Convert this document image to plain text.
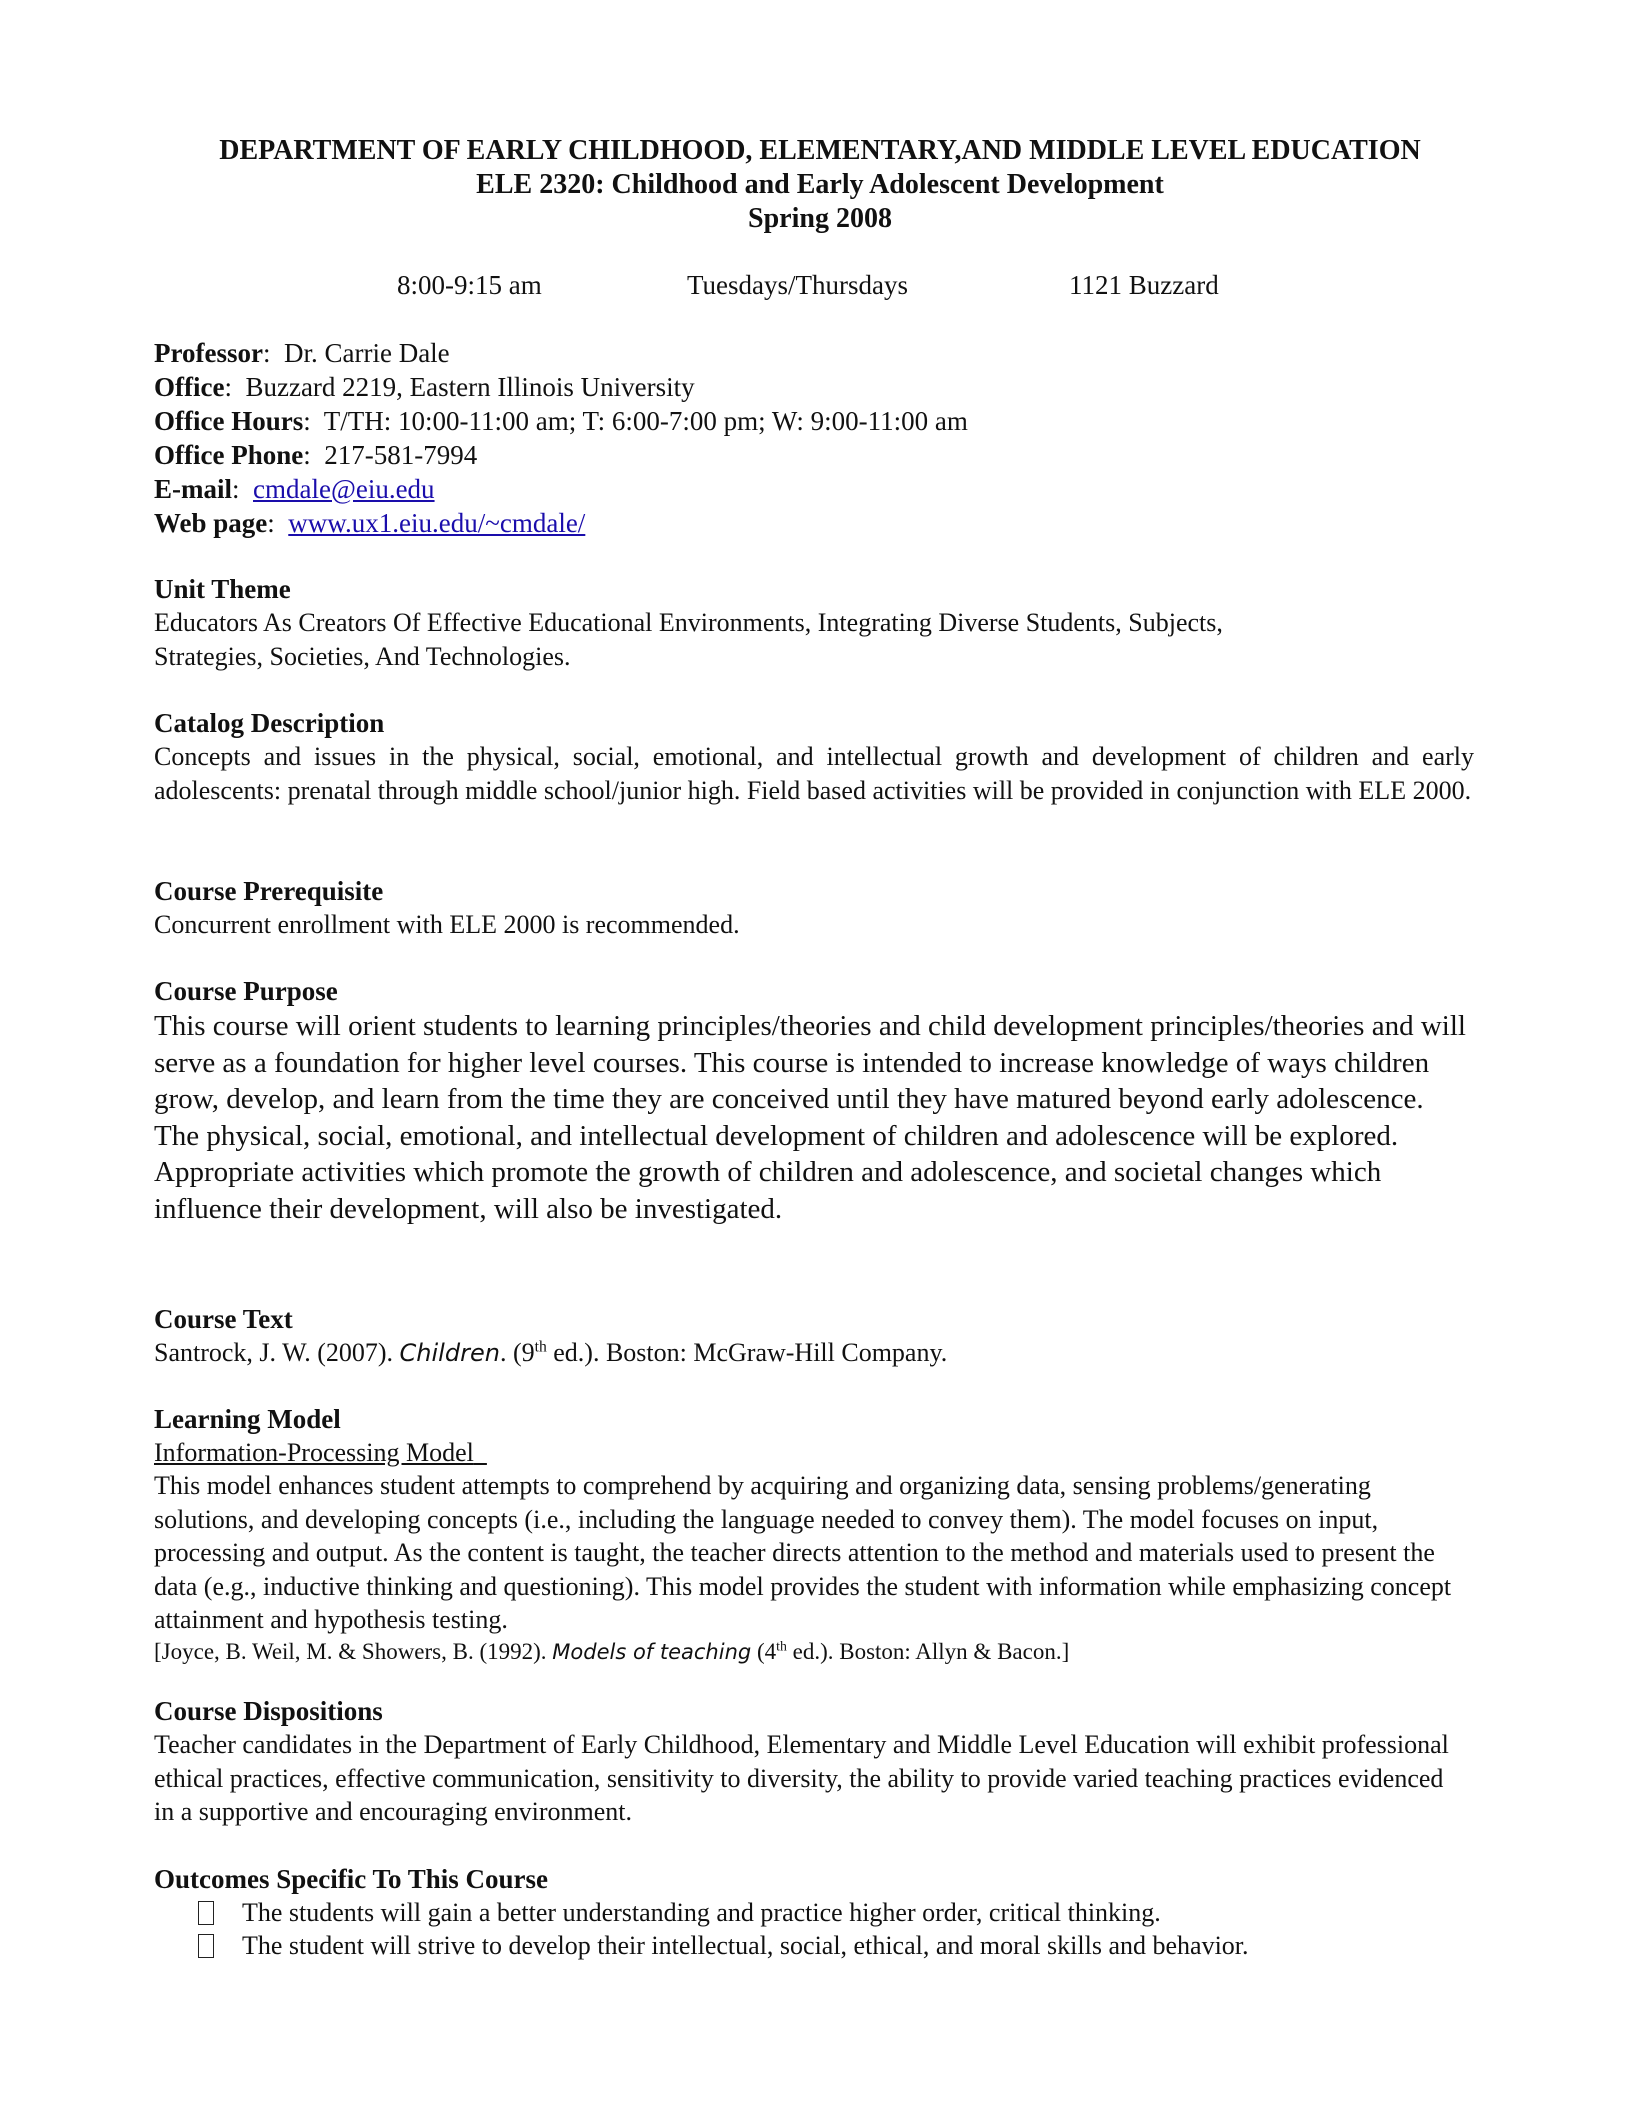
DEPARTMENT OF EARLY CHILDHOOD, ELEMENTARY,AND MIDDLE LEVEL EDUCATION
ELE 2320: Childhood and Early Adolescent Development
Spring 2008
8:00-9:15 am	Tuesdays/Thursdays	1121 Buzzard
Professor:  Dr. Carrie Dale
Office:  Buzzard 2219, Eastern Illinois University
Office Hours:  T/TH: 10:00-11:00 am; T: 6:00-7:00 pm; W: 9:00-11:00 am
Office Phone:  217-581-7994
E-mail:  cmdale@eiu.edu
Web page:  www.ux1.eiu.edu/~cmdale/
Unit Theme
Educators As Creators Of Effective Educational Environments, Integrating Diverse Students, Subjects,
Strategies, Societies, And Technologies.
Catalog Description
Concepts and issues in the physical, social, emotional, and intellectual growth and development of children and early adolescents: prenatal through middle school/junior high. Field based activities will be provided in conjunction with ELE 2000.
Course Prerequisite
Concurrent enrollment with ELE 2000 is recommended.
Course Purpose
This course will orient students to learning principles/theories and child development principles/theories and will serve as a foundation for higher level courses. This course is intended to increase knowledge of ways children grow, develop, and learn from the time they are conceived until they have matured beyond early adolescence. The physical, social, emotional, and intellectual development of children and adolescence will be explored. Appropriate activities which promote the growth of children and adolescence, and societal changes which influence their development, will also be investigated.
Course Text
Santrock, J. W. (2007). Children. (9th ed.). Boston: McGraw-Hill Company.
Learning Model
Information-Processing Model
This model enhances student attempts to comprehend by acquiring and organizing data, sensing problems/generating solutions, and developing concepts (i.e., including the language needed to convey them). The model focuses on input, processing and output. As the content is taught, the teacher directs attention to the method and materials used to present the data (e.g., inductive thinking and questioning). This model provides the student with information while emphasizing concept attainment and hypothesis testing.
[Joyce, B. Weil, M. & Showers, B. (1992). Models of teaching (4th ed.). Boston: Allyn & Bacon.]
Course Dispositions
Teacher candidates in the Department of Early Childhood, Elementary and Middle Level Education will exhibit professional ethical practices, effective communication, sensitivity to diversity, the ability to provide varied teaching practices evidenced in a supportive and encouraging environment.
Outcomes Specific To This Course
The students will gain a better understanding and practice higher order, critical thinking.
The student will strive to develop their intellectual, social, ethical, and moral skills and behavior.
